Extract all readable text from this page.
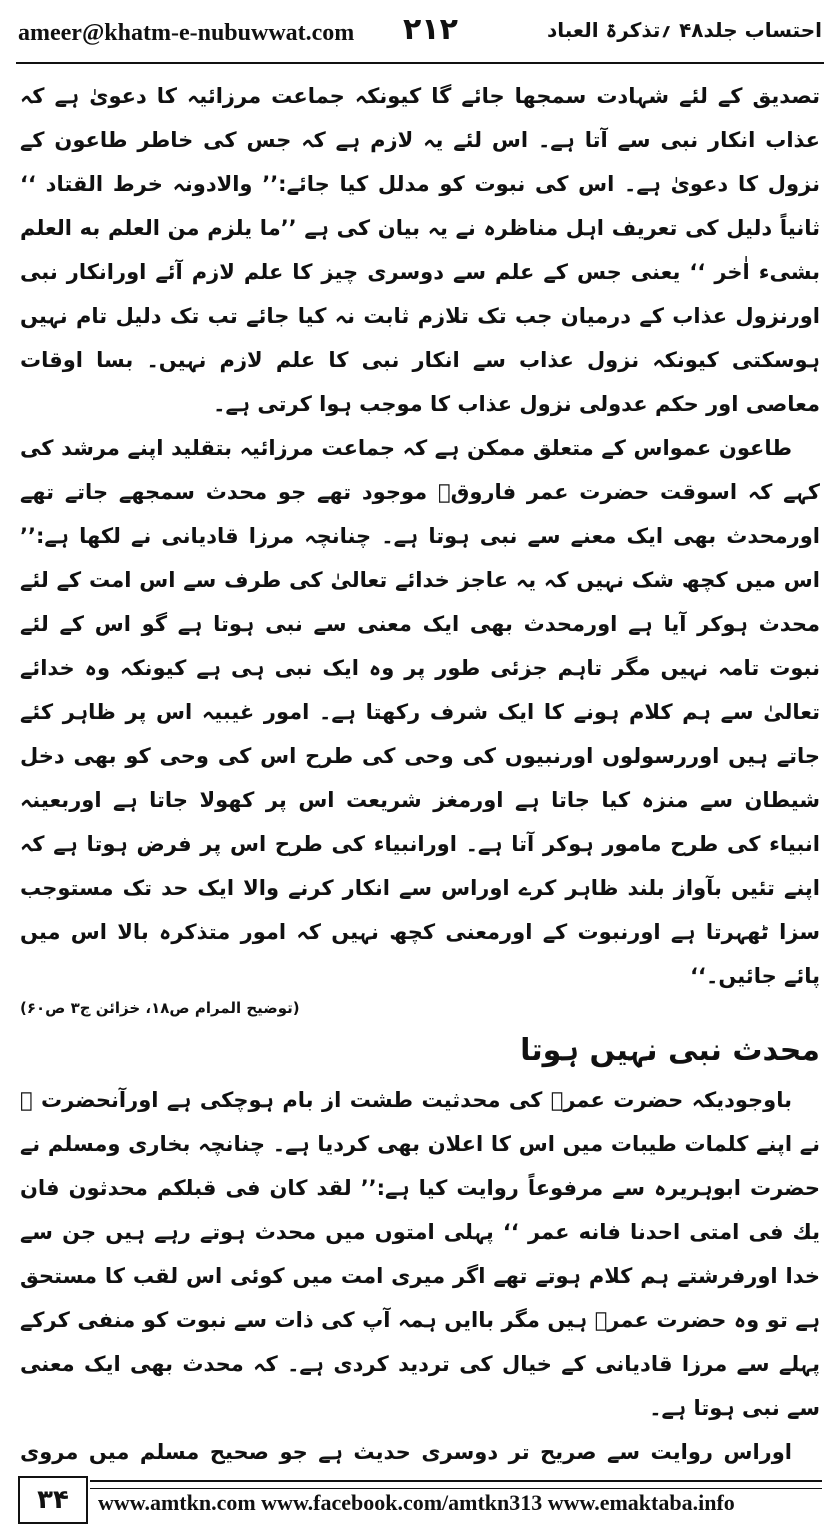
ameer@khatm-e-nubuwwat.com ۲۱۲	احتساب جلد۴۸ ؍تذکرۃ العباد

تصدیق کے لئے شہادت سمجھا جائے گا کیونکہ جماعت مرزائیہ کا دعویٰ ہے کہ عذاب انکار نبی سے آتا ہے۔ اس لئے یہ لازم ہے کہ جس کی خاطر طاعون کے نزول کا دعویٰ ہے۔ اس کی نبوت کو مدلل کیا جائے:’’ والادونہ خرط القتاد ‘‘ ثانیاً دلیل کی تعریف اہل مناظرہ نے یہ بیان کی ہے ’’ما یلزم من العلم به العلم بشیء اٰخر ‘‘ یعنی جس کے علم سے دوسری چیز کا علم لازم آئے اورانکار نبی اورنزول عذاب کے درمیان جب تک تلازم ثابت نہ کیا جائے تب تک دلیل تام نہیں ہوسکتی کیونکہ نزول عذاب سے انکار نبی کا علم لازم نہیں۔ بسا اوقات معاصی اور حکم عدولی نزول عذاب کا موجب ہوا کرتی ہے۔

طاعون عمواس کے متعلق ممکن ہے کہ جماعت مرزائیہ بتقلید اپنے مرشد کی کہے کہ اسوقت حضرت عمر فاروقؓ موجود تھے جو محدث سمجھے جاتے تھے اورمحدث بھی ایک معنے سے نبی ہوتا ہے۔ چنانچہ مرزا قادیانی نے لکھا ہے:’’ اس میں کچھ شک نہیں کہ یہ عاجز خدائے تعالیٰ کی طرف سے اس امت کے لئے محدث ہوکر آیا ہے اورمحدث بھی ایک معنی سے نبی ہوتا ہے گو اس کے لئے نبوت تامہ نہیں مگر تاہم جزئی طور پر وہ ایک نبی ہی ہے کیونکہ وہ خدائے تعالیٰ سے ہم کلام ہونے کا ایک شرف رکھتا ہے۔ امور غیبیہ اس پر ظاہر کئے جاتے ہیں اوررسولوں اورنبیوں کی وحی کی طرح اس کی وحی کو بھی دخل شیطان سے منزہ کیا جاتا ہے اورمغز شریعت اس پر کھولا جاتا ہے اوربعینہ انبیاء کی طرح مامور ہوکر آتا ہے۔ اورانبیاء کی طرح اس پر فرض ہوتا ہے کہ اپنے تئیں بآواز بلند ظاہر کرے اوراس سے انکار کرنے والا ایک حد تک مستوجب سزا ٹھہرتا ہے اورنبوت کے اورمعنی کچھ نہیں کہ امور متذکرہ بالا اس میں پائے جائیں۔‘‘

(توضیح المرام ص۱۸، خزائن ج۳ ص۶۰)
محدث نبی نہیں ہوتا

باوجودیکہ حضرت عمرؓ کی محدثیت طشت از بام ہوچکی ہے اورآنحضرت ﷺ نے اپنے کلمات طیبات میں اس کا اعلان بھی کردیا ہے۔ چنانچہ بخاری ومسلم نے حضرت ابوہریرہ سے مرفوعاً روایت کیا ہے:’’ لقد کان فی قبلکم محدثون فان یك فی امتی احدنا فانه عمر ‘‘ پہلی امتوں میں محدث ہوتے رہے ہیں جن سے خدا اورفرشتے ہم کلام ہوتے تھے اگر میری امت میں کوئی اس لقب کا مستحق ہے تو وہ حضرت عمرؓ ہیں مگر باایں ہمہ آپ کی ذات سے نبوت کو منفی کرکے پہلے سے مرزا قادیانی کے خیال کی تردید کردی ہے۔ کہ محدث بھی ایک معنی سے نبی ہوتا ہے۔

اوراس روایت سے صریح تر دوسری حدیث ہے جو صحیح مسلم میں مروی

۳۴	www.amtkn.com www.facebook.com/amtkn313 www.emaktaba.info
